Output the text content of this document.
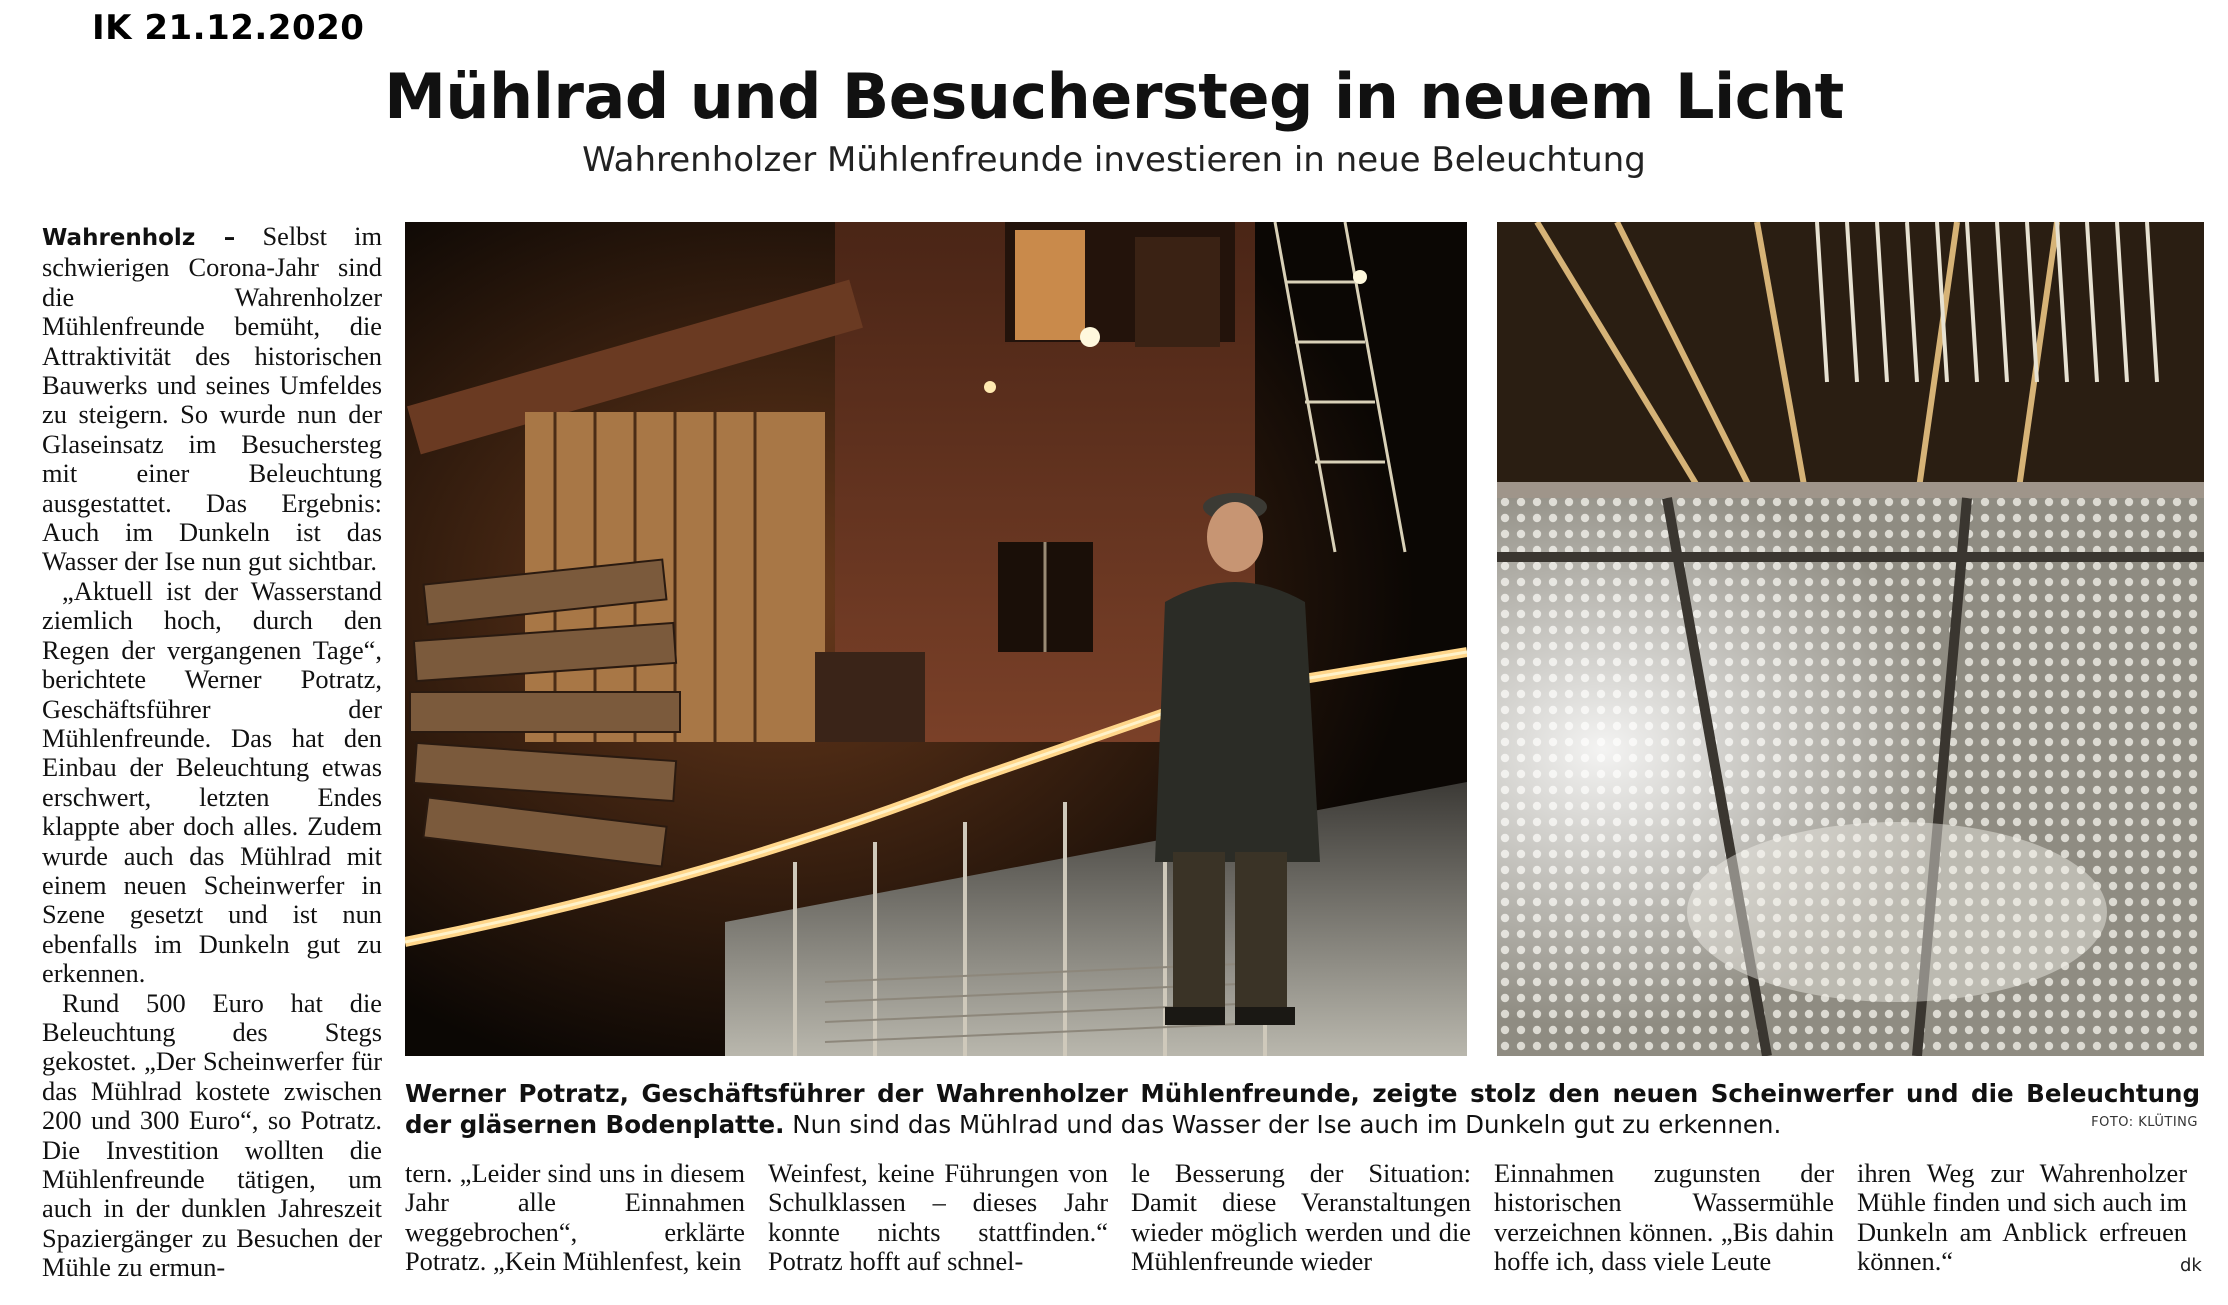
IK 21.12.2020
Mühlrad und Besuchersteg in neuem Licht
Wahrenholzer Mühlenfreunde investieren in neue Beleuchtung

Wahrenholz – Selbst im schwierigen Corona-Jahr sind die Wahrenholzer Mühlenfreunde bemüht, die Attraktivität des historischen Bauwerks und seines Umfeldes zu steigern. So wurde nun der Glaseinsatz im Besuchersteg mit einer Beleuchtung ausgestattet. Das Ergebnis: Auch im Dunkeln ist das Wasser der Ise nun gut sichtbar.

„Aktuell ist der Wasserstand ziemlich hoch, durch den Regen der vergangenen Tage“, berichtete Werner Potratz, Geschäftsführer der Mühlenfreunde. Das hat den Einbau der Beleuchtung etwas erschwert, letzten Endes klappte aber doch alles. Zudem wurde auch das Mühlrad mit einem neuen Scheinwerfer in Szene gesetzt und ist nun ebenfalls im Dunkeln gut zu erkennen.

Rund 500 Euro hat die Beleuchtung des Stegs gekostet. „Der Scheinwerfer für das Mühlrad kostete zwischen 200 und 300 Euro“, so Potratz. Die Investition wollten die Mühlenfreunde tätigen, um auch in der dunklen Jahreszeit Spaziergänger zu Besuchen der Mühle zu ermun-

Werner Potratz, Geschäftsführer der Wahrenholzer Mühlenfreunde, zeigte stolz den neuen Scheinwerfer und die Beleuchtung der gläsernen Bodenplatte. Nun sind das Mühlrad und das Wasser der Ise auch im Dunkeln gut zu erkennen.	FOTO: KLÜTING
tern. „Leider sind uns in diesem Jahr alle Einnahmen weggebrochen“, erklärte Potratz. „Kein Mühlenfest, kein
Weinfest, keine Führungen von Schulklassen – dieses Jahr konnte nichts stattfinden.“ Potratz hofft auf schnel-
le Besserung der Situation: Damit diese Veranstaltungen wieder möglich werden und die Mühlenfreunde wieder
Einnahmen zugunsten der historischen Wassermühle verzeichnen können. „Bis dahin hoffe ich, dass viele Leute
ihren Weg zur Wahrenholzer Mühle finden und sich auch im Dunkeln am Anblick erfreuen können.“	dk
